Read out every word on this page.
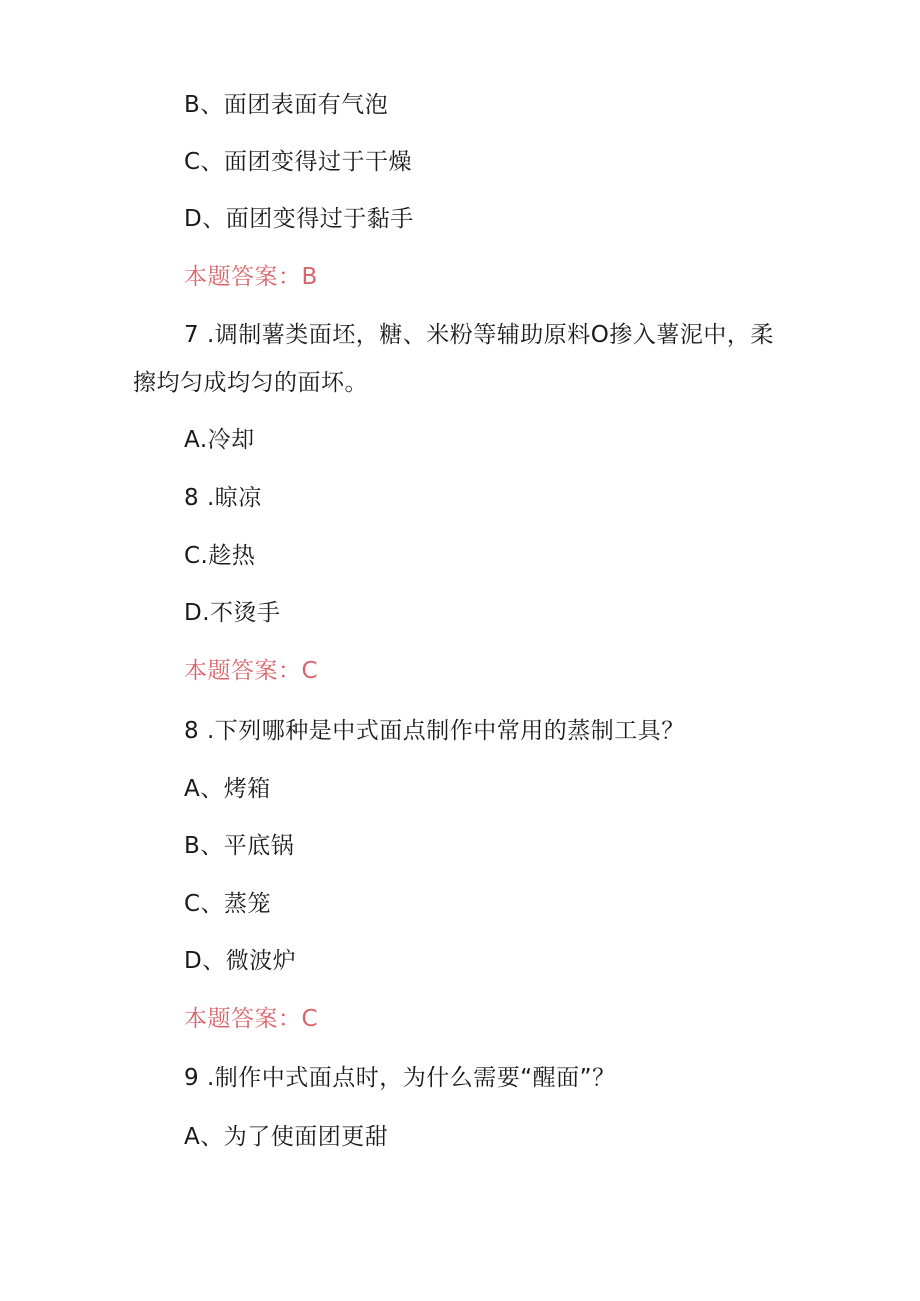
B、面团表面有气泡
C、面团变得过于干燥
D、面团变得过于黏手
本题答案：B
7 .调制薯类面坯，糖、米粉等辅助原料O掺入薯泥中，柔
擦均匀成均匀的面坏。
A.冷却
8 .晾凉
C.趁热
D.不烫手
本题答案：C
8 .下列哪种是中式面点制作中常用的蒸制工具？
A、烤箱
B、平底锅
C、蒸笼
D、微波炉
本题答案：C
9 .制作中式面点时，为什么需要“醒面”？
A、为了使面团更甜
